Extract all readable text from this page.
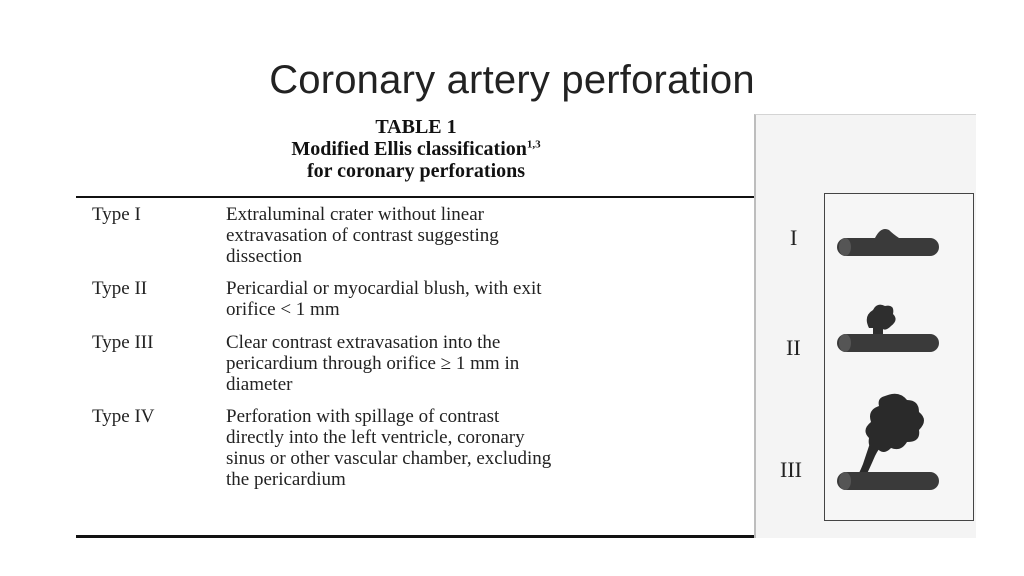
Coronary artery perforation
TABLE 1
Modified Ellis classification$^{1,3}$
for coronary perforations
Type I	Extraluminal crater without linear
extravasation of contrast suggesting
dissection
Type II	Pericardial or myocardial blush, with exit
orifice < 1 mm
Type III	Clear contrast extravasation into the
pericardium through orifice ≥ 1 mm in
diameter
Type IV	Perforation with spillage of contrast
directly into the left ventricle, coronary
sinus or other vascular chamber, excluding
the pericardium
I
II
III
